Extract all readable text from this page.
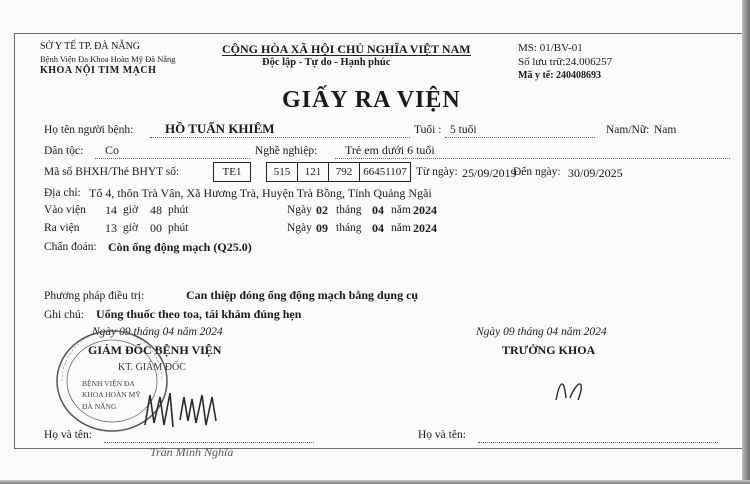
SỞ Y TẾ TP. ĐÀ NẴNG
Bệnh Viện Đa Khoa Hoàn Mỹ Đà Nẵng
KHOA NỘI TIM MẠCH
CỘNG HÒA XÃ HỘI CHỦ NGHĨA VIỆT NAM
Độc lập - Tự do - Hạnh phúc
MS: 01/BV-01
Số lưu trữ:24.006257
Mã y tế: 240408693
GIẤY RA VIỆN
Họ tên người bệnh: HỒ TUẤN KHIÊM	Tuổi : 5 tuổi	Nam/Nữ: Nam
Dân tộc: Co	Nghề nghiệp: Trẻ em dưới 6 tuổi
Mã số BHXH/Thẻ BHYT số:	TE1	515	121	792 66451107 Từ ngày: 25/09/2019
Đến ngày: 30/09/2025
Địa chỉ: Tổ 4, thôn Trà Vân, Xã Hương Trà, Huyện Trà Bồng, Tỉnh Quảng Ngãi
Vào viện 14 giờ 48 phút	Ngày 02 tháng 04 năm 2024
Ra viện 13 giờ 00 phút	Ngày 09 tháng 04 năm 2024
Chẩn đoán: Còn ống động mạch (Q25.0)
Phương pháp điều trị:	Can thiệp đóng ống động mạch bằng dụng cụ
Ghi chú: Uống thuốc theo toa, tái khám đúng hẹn
Ngày 09 tháng 04 năm 2024
GIÁM ĐỐC BỆNH VIỆN
KT. GIÁM ĐỐC
BỆNH VIỆN ĐA KHOA HOÀN MỸ ĐÀ NẴNG
Họ và tên:
Trần Minh Nghĩa
Ngày 09 tháng 04 năm 2024
TRƯỞNG KHOA
Họ và tên:
